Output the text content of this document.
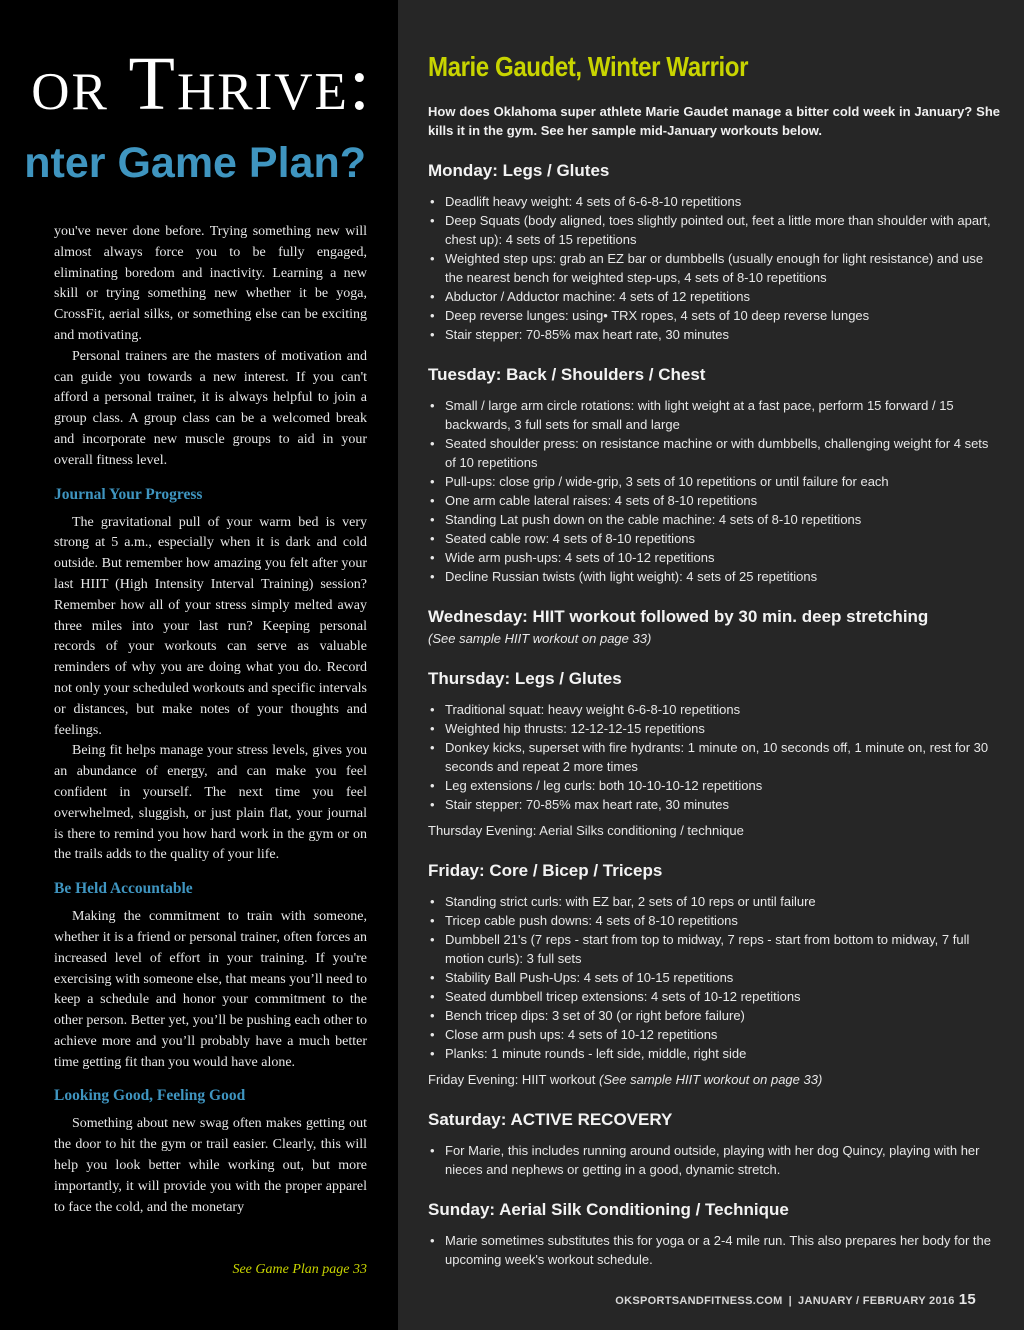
or Thrive:
nter Game Plan?

you've never done before. Trying something new will almost always force you to be fully engaged, eliminating boredom and inactivity. Learning a new skill or trying something new whether it be yoga, CrossFit, aerial silks, or something else can be exciting and motivating.

Personal trainers are the masters of motivation and can guide you towards a new interest. If you can't afford a personal trainer, it is always helpful to join a group class. A group class can be a welcomed break and incorporate new muscle groups to aid in your overall fitness level.

Journal Your Progress

The gravitational pull of your warm bed is very strong at 5 a.m., especially when it is dark and cold outside. But remember how amazing you felt after your last HIIT (High Intensity Interval Training) session? Remember how all of your stress simply melted away three miles into your last run? Keeping personal records of your workouts can serve as valuable reminders of why you are doing what you do. Record not only your scheduled workouts and specific intervals or distances, but make notes of your thoughts and feelings.

Being fit helps manage your stress levels, gives you an abundance of energy, and can make you feel confident in yourself. The next time you feel overwhelmed, sluggish, or just plain flat, your journal is there to remind you how hard work in the gym or on the trails adds to the quality of your life.

Be Held Accountable

Making the commitment to train with someone, whether it is a friend or personal trainer, often forces an increased level of effort in your training. If you're exercising with someone else, that means you’ll need to keep a schedule and honor your commitment to the other person. Better yet, you’ll be pushing each other to achieve more and you’ll probably have a much better time getting fit than you would have alone.

Looking Good, Feeling Good

Something about new swag often makes getting out the door to hit the gym or trail easier. Clearly, this will help you look better while working out, but more importantly, it will provide you with the proper apparel to face the cold, and the monetary

See Game Plan page 33
Marie Gaudet, Winter Warrior
How does Oklahoma super athlete Marie Gaudet manage a bitter cold week in January? She kills it in the gym. See her sample mid-January workouts below.
Monday: Legs / Glutes
• Deadlift heavy weight: 4 sets of 6-6-8-10 repetitions
• Deep Squats (body aligned, toes slightly pointed out, feet a little more than shoulder with apart, chest up): 4 sets of 15 repetitions
• Weighted step ups: grab an EZ bar or dumbbells (usually enough for light resistance) and use the nearest bench for weighted step-ups, 4 sets of 8-10 repetitions
• Abductor / Adductor machine: 4 sets of 12 repetitions
• Deep reverse lunges: using• TRX ropes, 4 sets of 10 deep reverse lunges
• Stair stepper: 70-85% max heart rate, 30 minutes
Tuesday: Back / Shoulders / Chest
• Small / large arm circle rotations: with light weight at a fast pace, perform 15 forward / 15 backwards, 3 full sets for small and large
• Seated shoulder press: on resistance machine or with dumbbells, challenging weight for 4 sets of 10 repetitions
• Pull-ups: close grip / wide-grip, 3 sets of 10 repetitions or until failure for each
• One arm cable lateral raises: 4 sets of 8-10 repetitions
• Standing Lat push down on the cable machine: 4 sets of 8-10 repetitions
• Seated cable row: 4 sets of 8-10 repetitions
• Wide arm push-ups: 4 sets of 10-12 repetitions
• Decline Russian twists (with light weight): 4 sets of 25 repetitions
Wednesday: HIIT workout followed by 30 min. deep stretching
(See sample HIIT workout on page 33)
Thursday: Legs / Glutes
• Traditional squat: heavy weight 6-6-8-10 repetitions
• Weighted hip thrusts: 12-12-12-15 repetitions
• Donkey kicks, superset with fire hydrants: 1 minute on, 10 seconds off, 1 minute on, rest for 30 seconds and repeat 2 more times
• Leg extensions / leg curls: both 10-10-10-12 repetitions
• Stair stepper: 70-85% max heart rate, 30 minutes
Thursday Evening: Aerial Silks conditioning / technique
Friday: Core / Bicep / Triceps
• Standing strict curls: with EZ bar, 2 sets of 10 reps or until failure
• Tricep cable push downs: 4 sets of 8-10 repetitions
• Dumbbell 21's (7 reps - start from top to midway, 7 reps - start from bottom to midway, 7 full motion curls): 3 full sets
• Stability Ball Push-Ups: 4 sets of 10-15 repetitions
• Seated dumbbell tricep extensions: 4 sets of 10-12 repetitions
• Bench tricep dips: 3 set of 30 (or right before failure)
• Close arm push ups: 4 sets of 10-12 repetitions
• Planks: 1 minute rounds - left side, middle, right side
Friday Evening: HIIT workout (See sample HIIT workout on page 33)
Saturday: ACTIVE RECOVERY
• For Marie, this includes running around outside, playing with her dog Quincy, playing with her nieces and nephews or getting in a good, dynamic stretch.
Sunday: Aerial Silk Conditioning / Technique
• Marie sometimes substitutes this for yoga or a 2-4 mile run. This also prepares her body for the upcoming week's workout schedule.
OKSPORTSANDFITNESS.COM | JANUARY / FEBRUARY 2016 15
